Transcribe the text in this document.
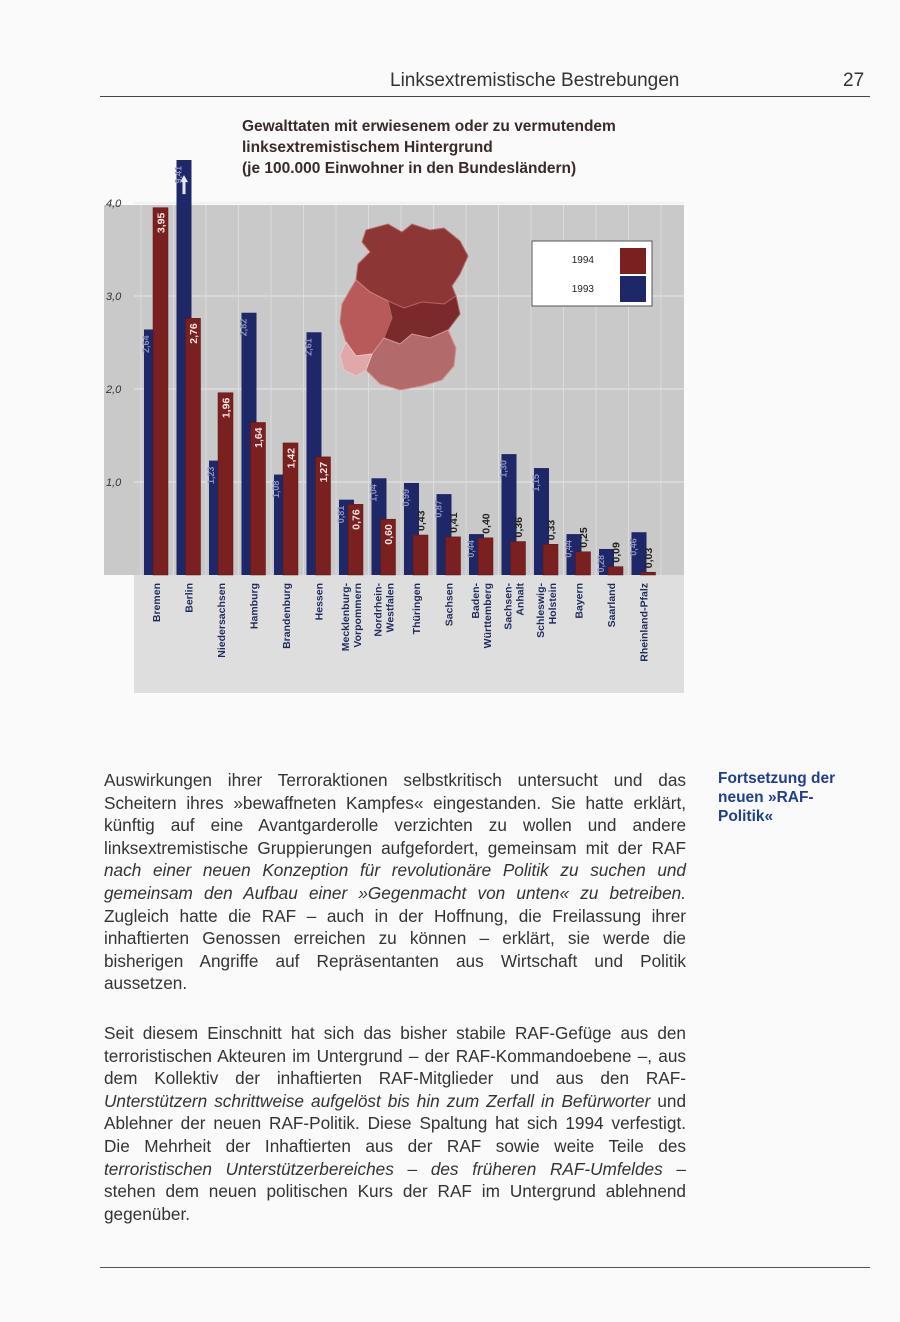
Linksextremistische Bestrebungen	27
2,64
3,95
9,41
2,76
1,23
1,96
2,82
1,64
1,08
1,42
2,61
1,27
0,81 0,76
1,04
0,60
0,99
0,43
0,87
0,41
0,44
0,40
1,30
0,36
1,15
0,33
0,44
0,25
0,28
0,09 0,46
0,03
1,0
2,0
3,0
4,0
Bremen Berlin Niedersachsen Hamburg Brandenburg Hessen Mecklenburg- Vorpommern Nordrhein- Westfalen Thüringen Sachsen Baden- Württemberg Sachsen- Anhalt Schleswig- Holstein Bayern Saarland Rheinland-Pfalz
1994
1993
Gewalttaten mit erwiesenem oder zu vermutendem
linksextremistischem Hintergrund
(je 100.000 Einwohner in den Bundesländern)
Auswirkungen ihrer Terroraktionen selbstkritisch untersucht und das Scheitern ihres »bewaffneten Kampfes« eingestanden. Sie hatte erklärt, künftig auf eine Avantgarderolle verzichten zu wollen und andere linksextremistische Gruppierungen aufgefordert, gemeinsam mit der RAF nach einer neuen Konzeption für revolutionäre Politik zu suchen und gemeinsam den Aufbau einer »Gegenmacht von unten« zu betreiben. Zugleich hatte die RAF – auch in der Hoffnung, die Freilassung ihrer inhaftierten Genossen erreichen zu können – erklärt, sie werde die bisherigen Angriffe auf Repräsentanten aus Wirtschaft und Politik aussetzen.
Fortsetzung der neuen »RAF-Politik«
Seit diesem Einschnitt hat sich das bisher stabile RAF-Gefüge aus den terroristischen Akteuren im Untergrund – der RAF-Kommandoebene –, aus dem Kollektiv der inhaftierten RAF-Mitglieder und aus den RAF-Unterstützern schrittweise aufgelöst bis hin zum Zerfall in Befürworter und Ablehner der neuen RAF-Politik. Diese Spaltung hat sich 1994 verfestigt. Die Mehrheit der Inhaftierten aus der RAF sowie weite Teile des terroristischen Unterstützerbereiches – des früheren RAF-Umfeldes – stehen dem neuen politischen Kurs der RAF im Untergrund ablehnend gegenüber.
